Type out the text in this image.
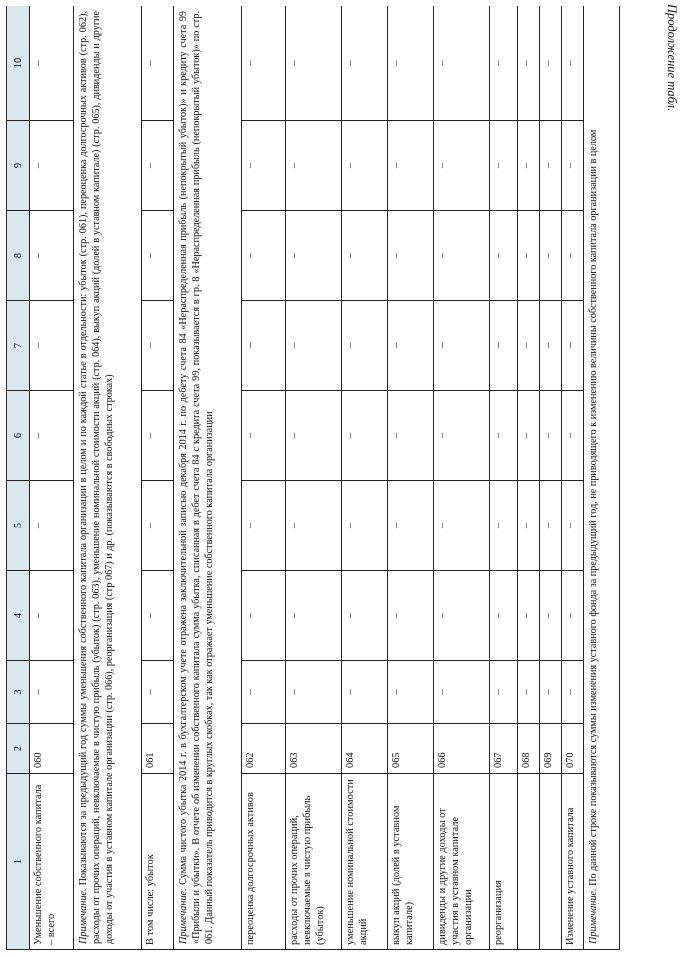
Продолжение табл.
1	2	3	4	5	6	7	8	9	10
Уменьшение собственного капитала – всего	060	–	–	–	–	–	–	–	–
Примечание. Показываются за предыдущий год суммы уменьшения собственного капитала организации в целом и по каждой статье в отдельности: убыток (стр. 061), переоценка долгосрочных активов (стр. 062), расходы от прочих операций, невключаемые в чистую прибыль (убыток) (стр. 063), уменьшение номинальной стоимости акций (стр. 064), выкуп акций (долей в уставном капитале) (стр. 065), дивиденды и другие доходы от участия в уставном капитале организации (стр. 066), реорганизация (стр 067) и др. (показываются в свободных строках)									
В том числе: убыток	061	–	–	–	–	–	–	–	–
Примечание. Сумма чистого убытка 2014 г. в бухгалтерском учете отражена заключительной записью декабря 2014 г. по дебету счета 84 «Нераспределенная прибыль (непокрытый убыток)» и кредиту счета 99 «Прибыли и убытки». В отчете об изменении собственного капитала сумма убытка, списанная в дебет счета 84 с кредита счета 99, показывается в гр. 8 «Нераспределенная прибыль (непокрытый убыток)» по стр. 061. Данный показатель приводится в круглых скобках, так как отражает уменьшение собственного капитала организации									
переоценка долгосрочных активов	062	–	–	–	–	–	–	–	–
расходы от прочих операций, невключаемые в чистую прибыль (убыток)	063	–	–	–	–	–	–	–	–
уменьшение номинальной стоимости акций	064	–	–	–	–	–	–	–	–
выкуп акций (долей в уставном капитале)	065	–	–	–	–	–	–	–	–
дивиденды и другие доходы от участия в уставном капитале организации	066	–	–	–	–	–	–	–	–
реорганизация	067	–	–	–	–	–	–	–	–
	068	–	–	–	–	–	–	–	–
	069	–	–	–	–	–	–	–	–
Изменение уставного капитала	070	–	–	–	–	–	–	–	–
Примечание. По данной строке показываются суммы изменения уставного фонда за предыдущий год, не приводящего к изменению величины собственного капитала организации в целом									
